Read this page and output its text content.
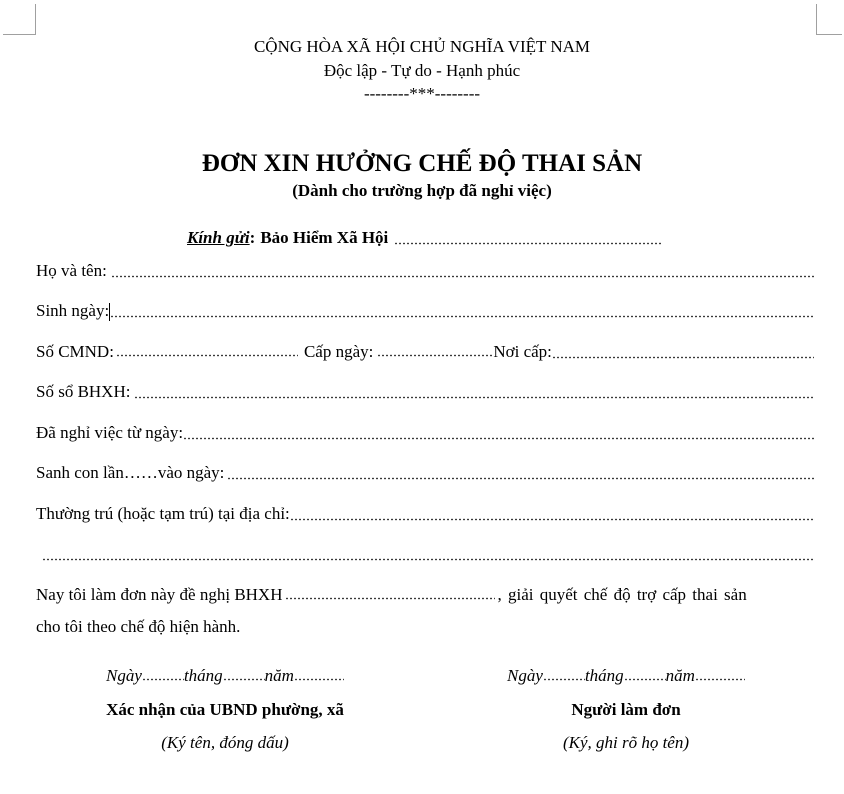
CỘNG HÒA XÃ HỘI CHỦ NGHĨA VIỆT NAM
Độc lập - Tự do - Hạnh phúc
--------***--------
ĐƠN XIN HƯỞNG CHẾ ĐỘ THAI SẢN
(Dành cho trường hợp đã nghỉ việc)
Kính gửi : Bảo Hiểm Xã Hội
Họ và tên:
Sinh ngày:
Số CMND:	Cấp ngày:	Nơi cấp:
Số sổ BHXH:
Đã nghỉ việc từ ngày:
Sanh con lần …… vào ngày:
Thường trú (hoặc tạm trú) tại địa chỉ:
Nay tôi làm đơn này đề nghị BHXH	, giải quyết chế độ trợ cấp thai sản
cho tôi theo chế độ hiện hành.
Ngày tháng năm
Xác nhận của UBND phường, xã
(Ký tên, đóng dấu)
Ngày tháng năm
Người làm đơn
(Ký, ghi rõ họ tên)
